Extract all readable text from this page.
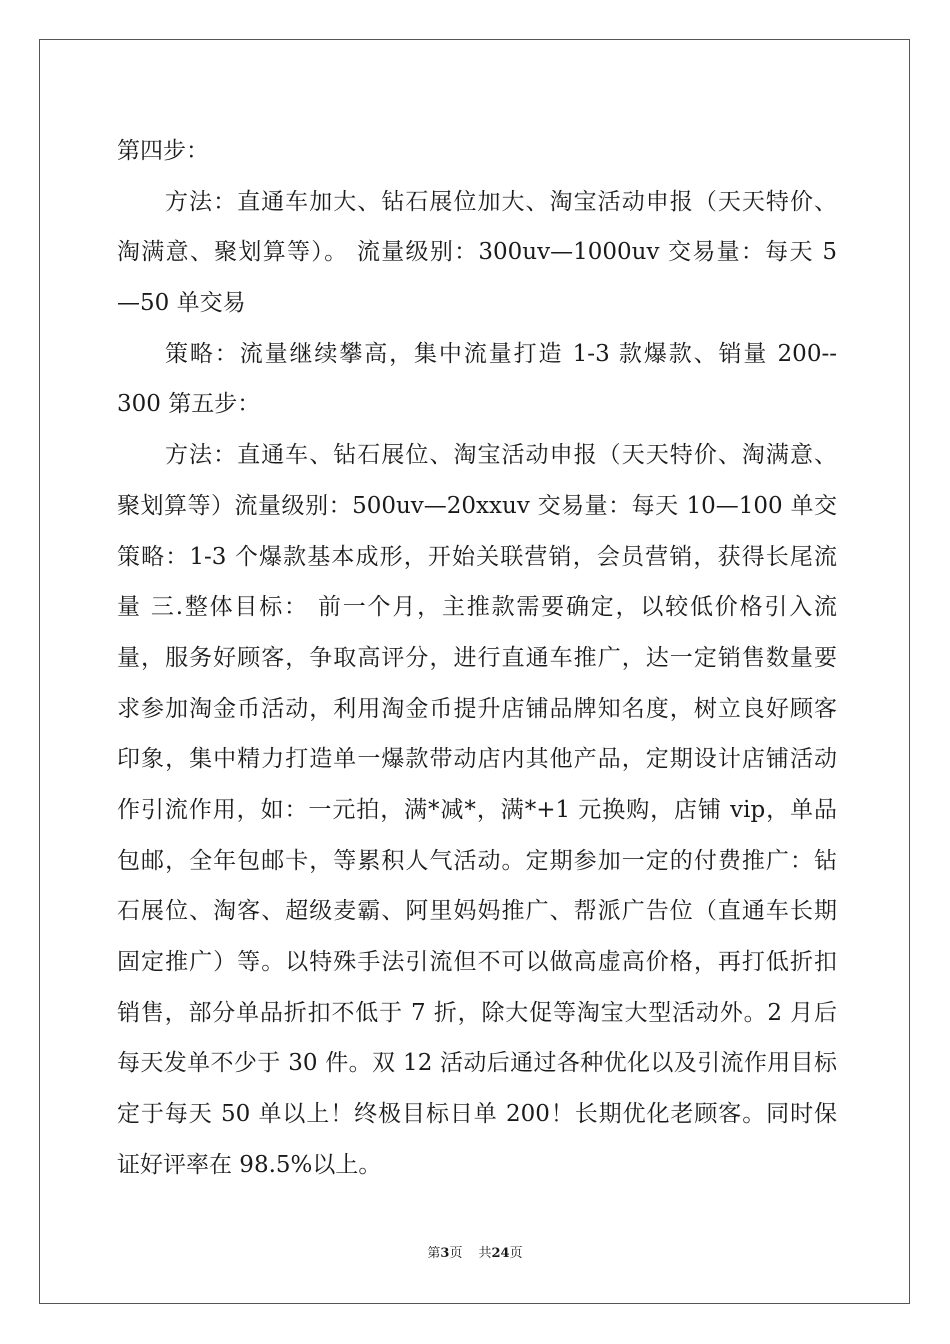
第四步：
方法：直通车加大、钻石展位加大、淘宝活动申报（天天特价、
淘满意、聚划算等）。 流量级别：300uv—1000uv 交易量：每天 5
—50 单交易
策略：流量继续攀高，集中流量打造 1-3 款爆款、销量 200--
300 第五步：
方法：直通车、钻石展位、淘宝活动申报（天天特价、淘满意、
聚划算等）流量级别：500uv—20xxuv 交易量：每天 10—100 单交
策略：1-3 个爆款基本成形，开始关联营销，会员营销，获得长尾流
量 三.整体目标： 前一个月，主推款需要确定，以较低价格引入流
量，服务好顾客，争取高评分，进行直通车推广，达一定销售数量要
求参加淘金币活动，利用淘金币提升店铺品牌知名度，树立良好顾客
印象，集中精力打造单一爆款带动店内其他产品，定期设计店铺活动
作引流作用，如：一元拍，满*减*，满*+1 元换购，店铺 vip，单品
包邮，全年包邮卡，等累积人气活动。定期参加一定的付费推广：钻
石展位、淘客、超级麦霸、阿里妈妈推广、帮派广告位（直通车长期
固定推广）等。以特殊手法引流但不可以做高虚高价格，再打低折扣
销售，部分单品折扣不低于 7 折，除大促等淘宝大型活动外。2 月后
每天发单不少于 30 件。双 12 活动后通过各种优化以及引流作用目标
定于每天 50 单以上！终极目标日单 200！长期优化老顾客。同时保
证好评率在 98.5%以上。
第3页 共24页
